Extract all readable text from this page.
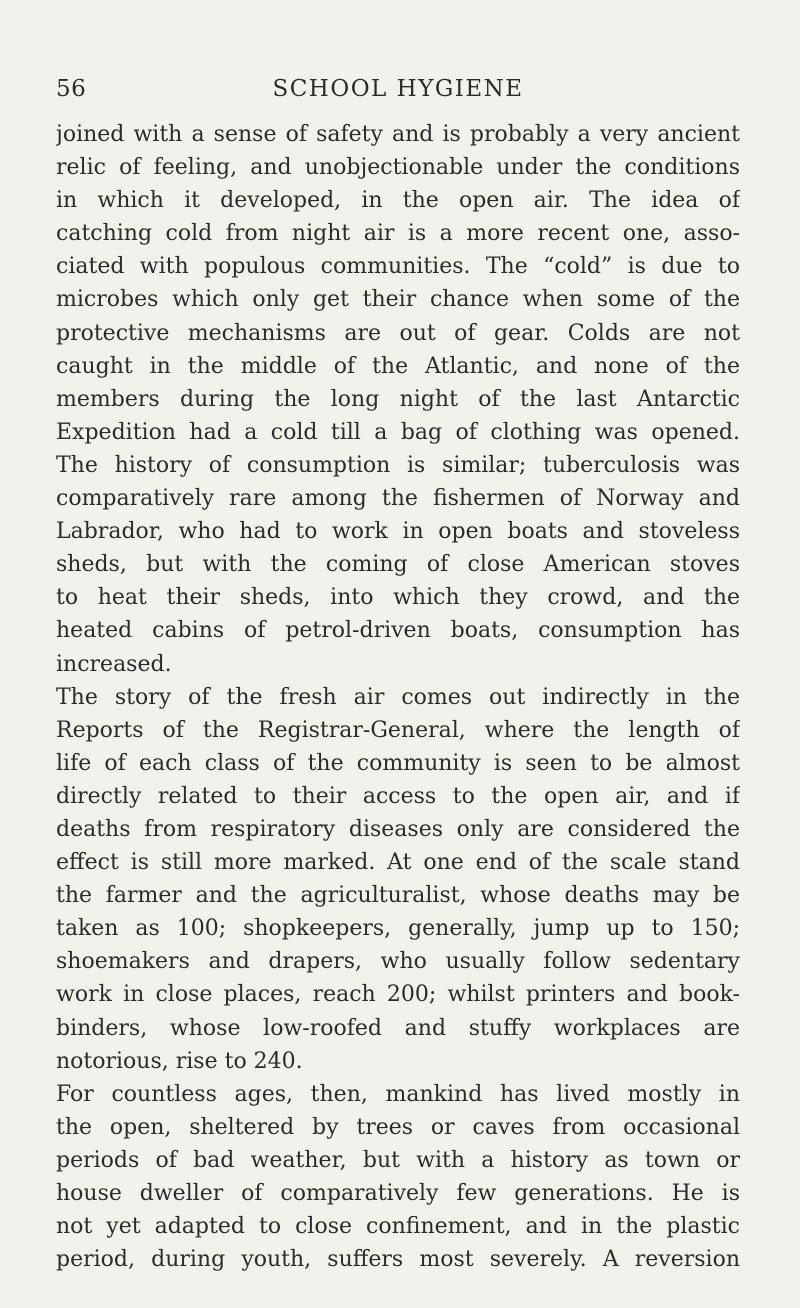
56	SCHOOL HYGIENE
joined with a sense of safety and is probably a very ancient
relic of feeling, and unobjectionable under the conditions
in which it developed, in the open air. The idea of
catching cold from night air is a more recent one, asso-
ciated with populous communities. The “cold” is due to
microbes which only get their chance when some of the
protective mechanisms are out of gear. Colds are not
caught in the middle of the Atlantic, and none of the
members during the long night of the last Antarctic
Expedition had a cold till a bag of clothing was opened.
The history of consumption is similar; tuberculosis was
comparatively rare among the fishermen of Norway and
Labrador, who had to work in open boats and stoveless
sheds, but with the coming of close American stoves
to heat their sheds, into which they crowd, and the
heated cabins of petrol-driven boats, consumption has
increased.
The story of the fresh air comes out indirectly in the
Reports of the Registrar-General, where the length of
life of each class of the community is seen to be almost
directly related to their access to the open air, and if
deaths from respiratory diseases only are considered the
effect is still more marked. At one end of the scale stand
the farmer and the agriculturalist, whose deaths may be
taken as 100; shopkeepers, generally, jump up to 150;
shoemakers and drapers, who usually follow sedentary
work in close places, reach 200; whilst printers and book-
binders, whose low-roofed and stuffy workplaces are
notorious, rise to 240.
For countless ages, then, mankind has lived mostly in
the open, sheltered by trees or caves from occasional
periods of bad weather, but with a history as town or
house dweller of comparatively few generations. He is
not yet adapted to close confinement, and in the plastic
period, during youth, suffers most severely. A reversion
